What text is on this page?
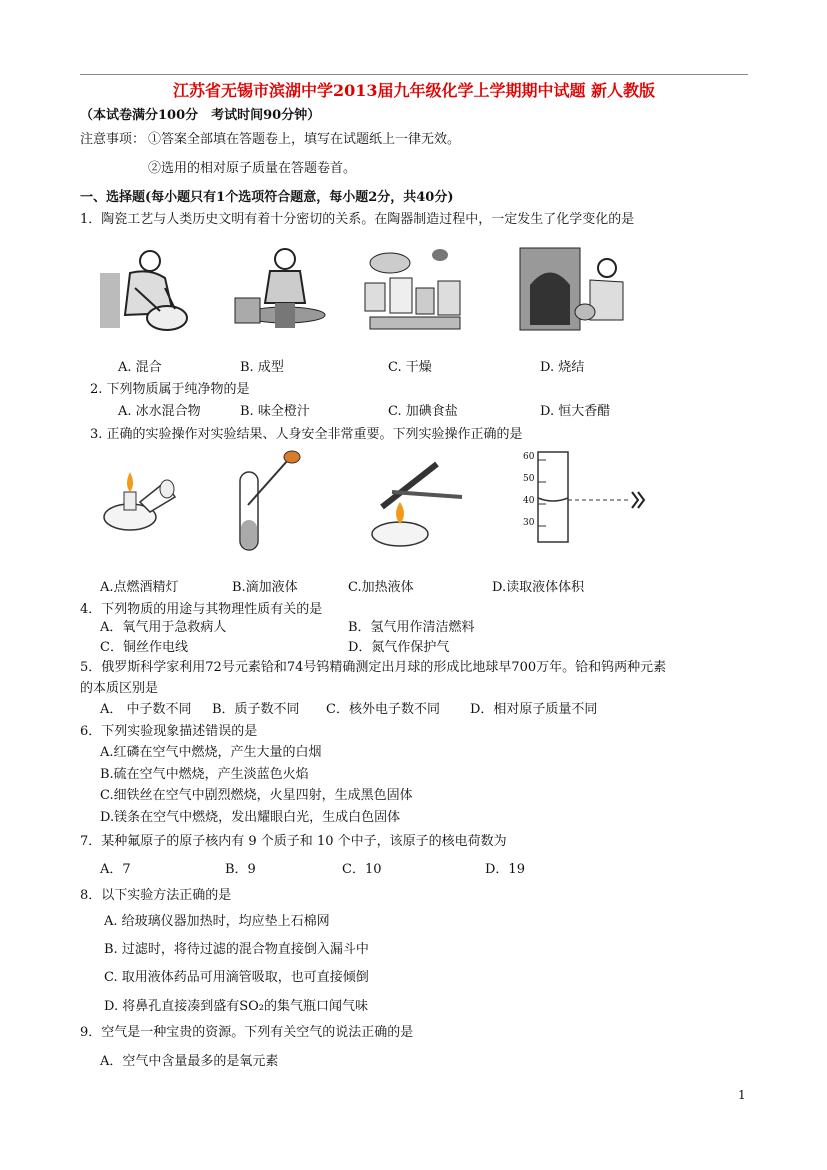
江苏省无锡市滨湖中学2013届九年级化学上学期期中试题 新人教版
（本试卷满分100分　考试时间90分钟）
注意事项： ①答案全部填在答题卷上，填写在试题纸上一律无效。
②选用的相对原子质量在答题卷首。
一、选择题(每小题只有1个选项符合题意，每小题2分，共40分)
1．陶瓷工艺与人类历史文明有着十分密切的关系。在陶器制造过程中，一定发生了化学变化的是
A. 混合	B. 成型	C. 干燥	D. 烧结
2. 下列物质属于纯净物的是
A. 冰水混合物	B. 味全橙汁	C. 加碘食盐	D. 恒大香醋
3. 正确的实验操作对实验结果、人身安全非常重要。下列实验操作正确的是
60
50
40
30
A.点燃酒精灯	B.滴加液体	C.加热液体	D.读取液体体积
4．下列物质的用途与其物理性质有关的是
A．氧气用于急救病人	B．氢气用作清洁燃料
C．铜丝作电线	D．氮气作保护气
5．俄罗斯科学家利用72号元素铪和74号钨精确测定出月球的形成比地球早700万年。铪和钨两种元素
的本质区别是
A． 中子数不同 B．质子数不同 C．核外电子数不同 D．相对原子质量不同
6．下列实验现象描述错误的是
A.红磷在空气中燃烧，产生大量的白烟
B.硫在空气中燃烧，产生淡蓝色火焰
C.细铁丝在空气中剧烈燃烧，火星四射，生成黑色固体
D.镁条在空气中燃烧，发出耀眼白光，生成白色固体
7．某种氟原子的原子核内有 9 个质子和 10 个中子，该原子的核电荷数为
A．7	B．9	C．10	D．19
8．以下实验方法正确的是
A. 给玻璃仪器加热时，均应垫上石棉网
B. 过滤时，将待过滤的混合物直接倒入漏斗中
C. 取用液体药品可用滴管吸取，也可直接倾倒
D. 将鼻孔直接凑到盛有SO₂的集气瓶口闻气味
9．空气是一种宝贵的资源。下列有关空气的说法正确的是
A．空气中含量最多的是氧元素
1
